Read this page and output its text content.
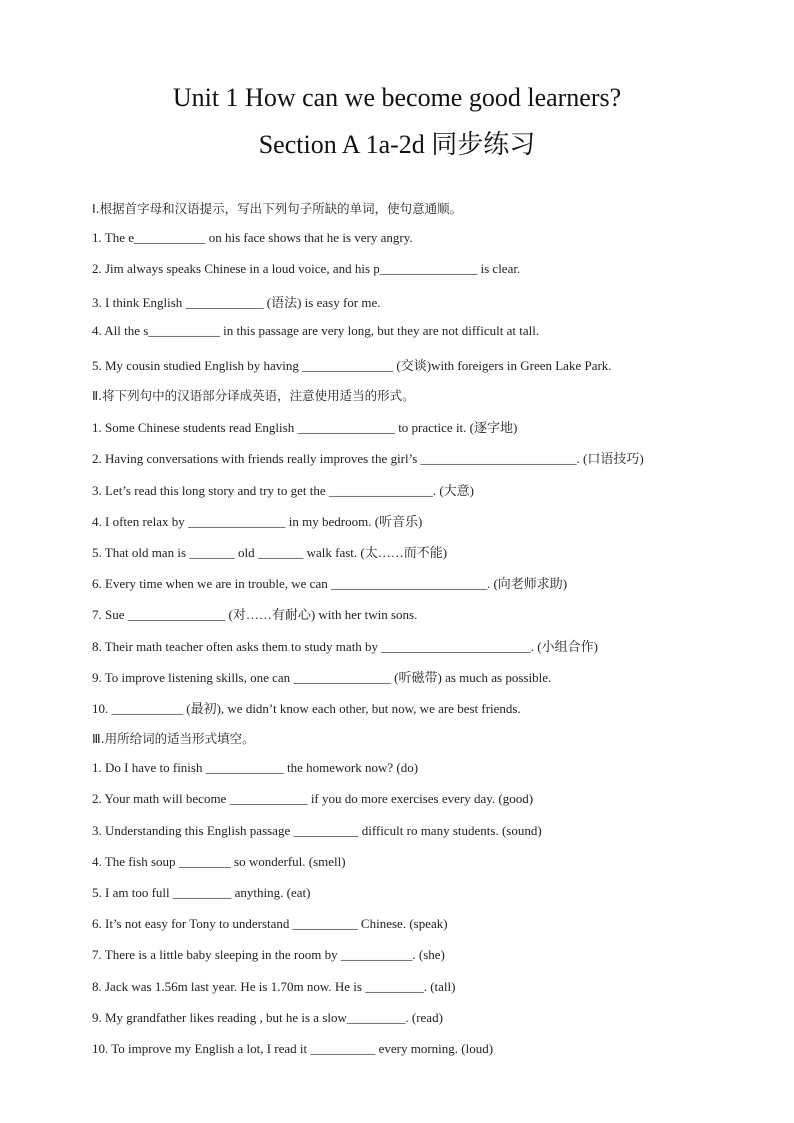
Unit 1 How can we become good learners?
Section A 1a-2d 同步练习
Ⅰ.根据首字母和汉语提示，写出下列句子所缺的单词，使句意通顺。
1. The e___________ on his face shows that he is very angry.
2. Jim always speaks Chinese in a loud voice, and his p_______________ is clear.
3. I think English ____________ (语法) is easy for me.
4. All the s___________ in this passage are very long, but they are not difficult at tall.
5. My cousin studied English by having ______________ (交谈)with foreigers in Green Lake Park.
Ⅱ.将下列句中的汉语部分译成英语，注意使用适当的形式。
1. Some Chinese students read English _______________ to practice it. (逐字地)
2. Having conversations with friends really improves the girl’s ________________________. (口语技巧)
3. Let’s read this long story and try to get the ________________. (大意)
4. I often relax by _______________ in my bedroom. (听音乐)
5. That old man is _______ old _______ walk fast. (太……而不能)
6. Every time when we are in trouble, we can ________________________. (向老师求助)
7. Sue _______________ (对……有耐心) with her twin sons.
8. Their math teacher often asks them to study math by _______________________. (小组合作)
9. To improve listening skills, one can _______________ (听磁带) as much as possible.
10. ___________ (最初), we didn’t know each other, but now, we are best friends.
Ⅲ.用所给词的适当形式填空。
1. Do I have to finish ____________ the homework now? (do)
2. Your math will become ____________ if you do more exercises every day. (good)
3. Understanding this English passage __________ difficult ro many students. (sound)
4. The fish soup ________ so wonderful. (smell)
5. I am too full _________ anything. (eat)
6. It’s not easy for Tony to understand __________ Chinese. (speak)
7. There is a little baby sleeping in the room by ___________. (she)
8. Jack was 1.56m last year. He is 1.70m now. He is _________. (tall)
9. My grandfather likes reading , but he is a slow_________. (read)
10. To improve my English a lot, I read it __________ every morning. (loud)
